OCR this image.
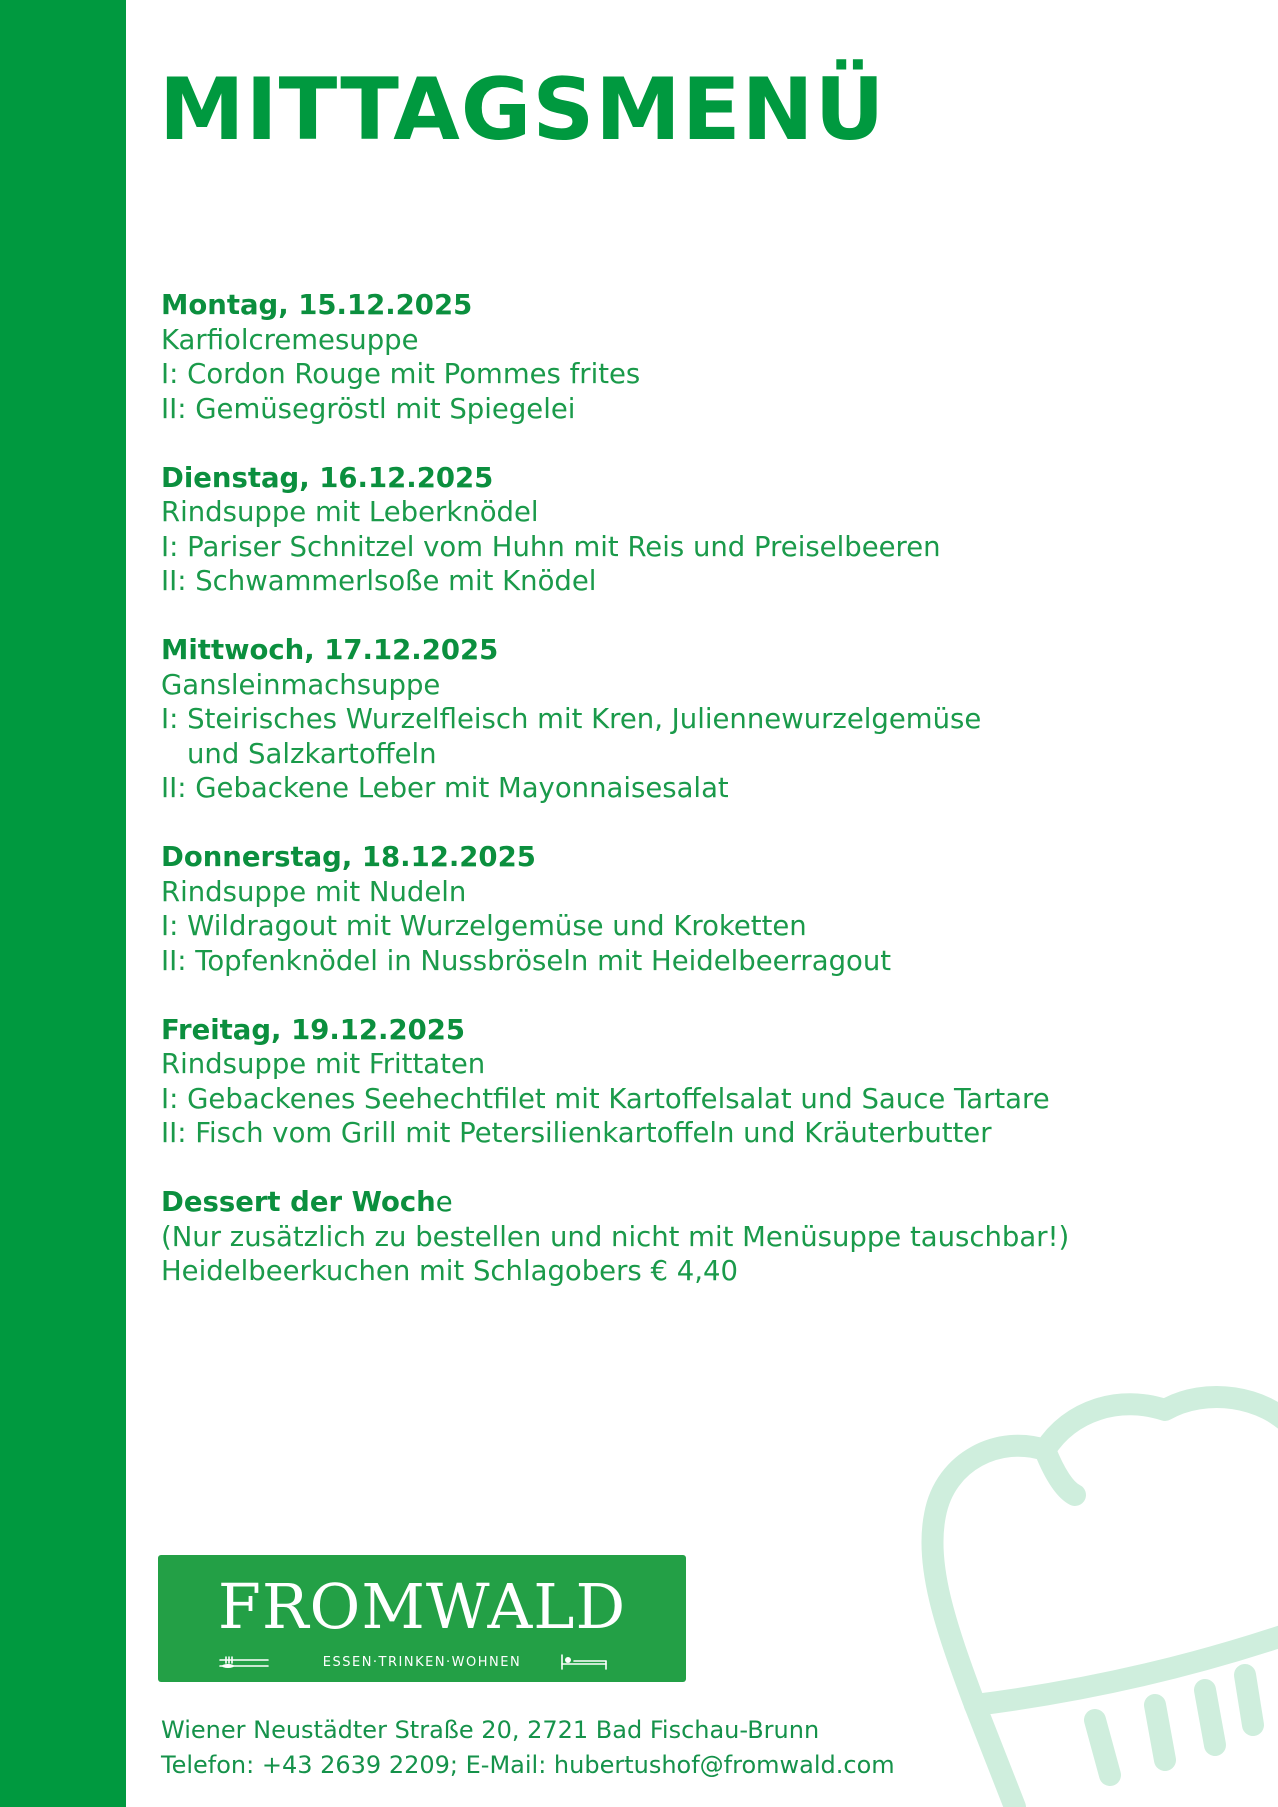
MITTAGSMENÜ
Montag, 15.12.2025
Karfiolcremesuppe
I: Cordon Rouge mit Pommes frites
II: Gemüsegröstl mit Spiegelei
Dienstag, 16.12.2025
Rindsuppe mit Leberknödel
I: Pariser Schnitzel vom Huhn mit Reis und Preiselbeeren
II: Schwammerlsoße mit Knödel
Mittwoch, 17.12.2025
Gansleinmachsuppe
I: Steirisches Wurzelfleisch mit Kren, Juliennewurzelgemüse
und Salzkartoffeln
II: Gebackene Leber mit Mayonnaisesalat
Donnerstag, 18.12.2025
Rindsuppe mit Nudeln
I: Wildragout mit Wurzelgemüse und Kroketten
II: Topfenknödel in Nussbröseln mit Heidelbeerragout
Freitag, 19.12.2025
Rindsuppe mit Frittaten
I: Gebackenes Seehechtfilet mit Kartoffelsalat und Sauce Tartare
II: Fisch vom Grill mit Petersilienkartoffeln und Kräuterbutter
Dessert der Woche
(Nur zusätzlich zu bestellen und nicht mit Menüsuppe tauschbar!)
Heidelbeerkuchen mit Schlagobers € 4,40
FROMWALD
ESSEN·TRINKEN·WOHNEN
Wiener Neustädter Straße 20, 2721 Bad Fischau-Brunn
Telefon: +43 2639 2209; E-Mail: hubertushof@fromwald.com
